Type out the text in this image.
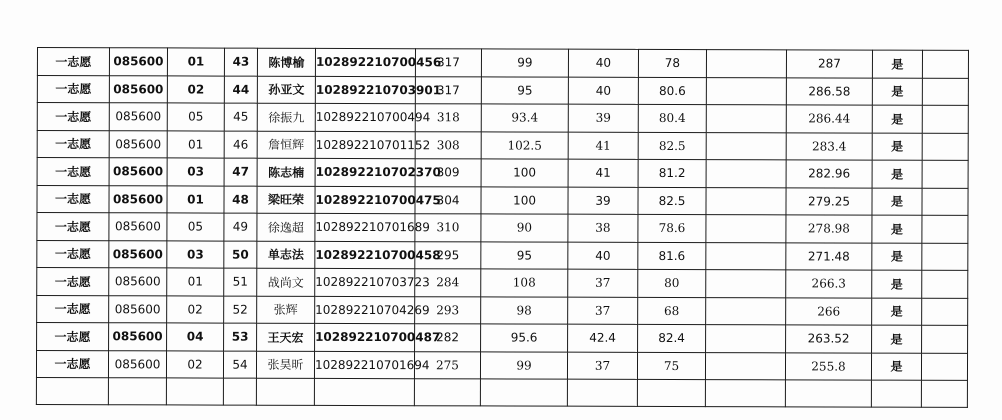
一志愿	085600	01	43	陈博榆	102892210700456	317	99	40	78		287	是	
一志愿	085600	02	44	孙亚文	102892210703901	317	95	40	80.6		286.58	是	
一志愿	085600	05	45	徐振九	102892210700494	318	93.4	39	80.4		286.44	是	
一志愿	085600	01	46	詹恒辉	102892210701152	308	102.5	41	82.5		283.4	是	
一志愿	085600	03	47	陈志楠	102892210702370	309	100	41	81.2		282.96	是	
一志愿	085600	01	48	梁旺荣	102892210700475	304	100	39	82.5		279.25	是	
一志愿	085600	05	49	徐逸超	102892210701689	310	90	38	78.6		278.98	是	
一志愿	085600	03	50	单志法	102892210700458	295	95	40	81.6		271.48	是	
一志愿	085600	01	51	战尚文	102892210703723	284	108	37	80		266.3	是	
一志愿	085600	02	52	张辉	102892210704269	293	98	37	68		266	是	
一志愿	085600	04	53	王天宏	102892210700487	282	95.6	42.4	82.4		263.52	是	
一志愿	085600	02	54	张昊昕	102892210701694	275	99	37	75		255.8	是	
